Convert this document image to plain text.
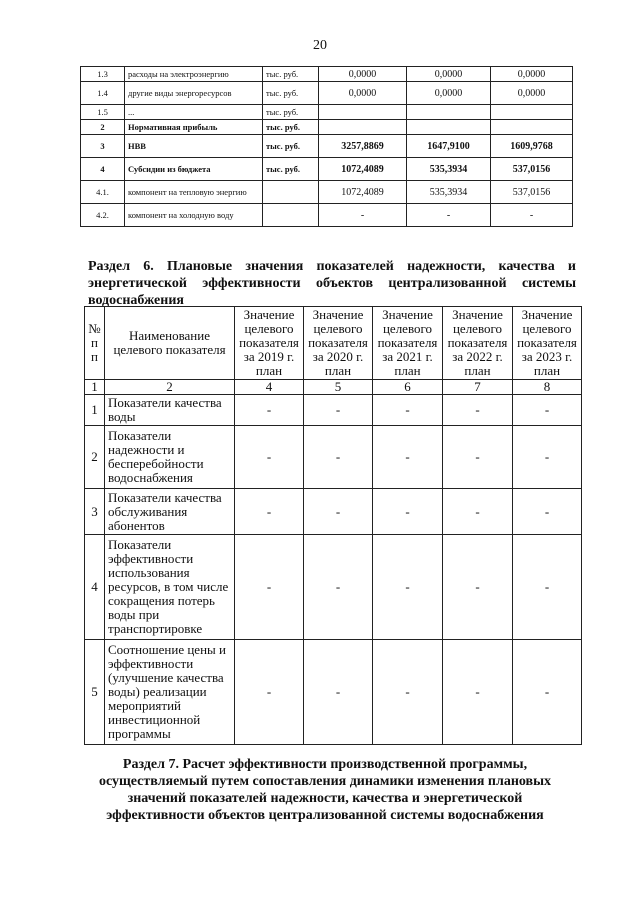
20
1.3	расходы на электроэнергию	тыс. руб.	0,0000	0,0000	0,0000
1.4	другие виды энергоресурсов	тыс. руб.	0,0000	0,0000	0,0000
1.5	...	тыс. руб.			
2	Нормативная прибыль	тыс. руб.			
3	НВВ	тыс. руб.	3257,8869	1647,9100	1609,9768
4	Субсидии из бюджета	тыс. руб.	1072,4089	535,3934	537,0156
4.1.	компонент на тепловую энергию		1072,4089	535,3934	537,0156
4.2.	компонент на холодную воду		-	-	-
Раздел 6. Плановые значения показателей надежности, качества и энергетической эффективности объектов централизованной системы водоснабжения
№ п п	Наименование целевого показателя	Значение целевого показателя за 2019 г. план	Значение целевого показателя за 2020 г. план	Значение целевого показателя за 2021 г. план	Значение целевого показателя за 2022 г. план	Значение целевого показателя за 2023 г. план
1	2	4	5	6	7	8
1	Показатели качества воды	-	-	-	-	-
2	Показатели надежности и бесперебойности водоснабжения	-	-	-	-	-
3	Показатели качества обслуживания абонентов	-	-	-	-	-
4	Показатели эффективности использования ресурсов, в том числе сокращения потерь воды при транспортировке	-	-	-	-	-
5	Соотношение цены и эффективности (улучшение качества воды) реализации мероприятий инвестиционной программы	-	-	-	-	-
Раздел 7. Расчет эффективности производственной программы, осуществляемый путем сопоставления динамики изменения плановых значений показателей надежности, качества и энергетической эффективности объектов централизованной системы водоснабжения
